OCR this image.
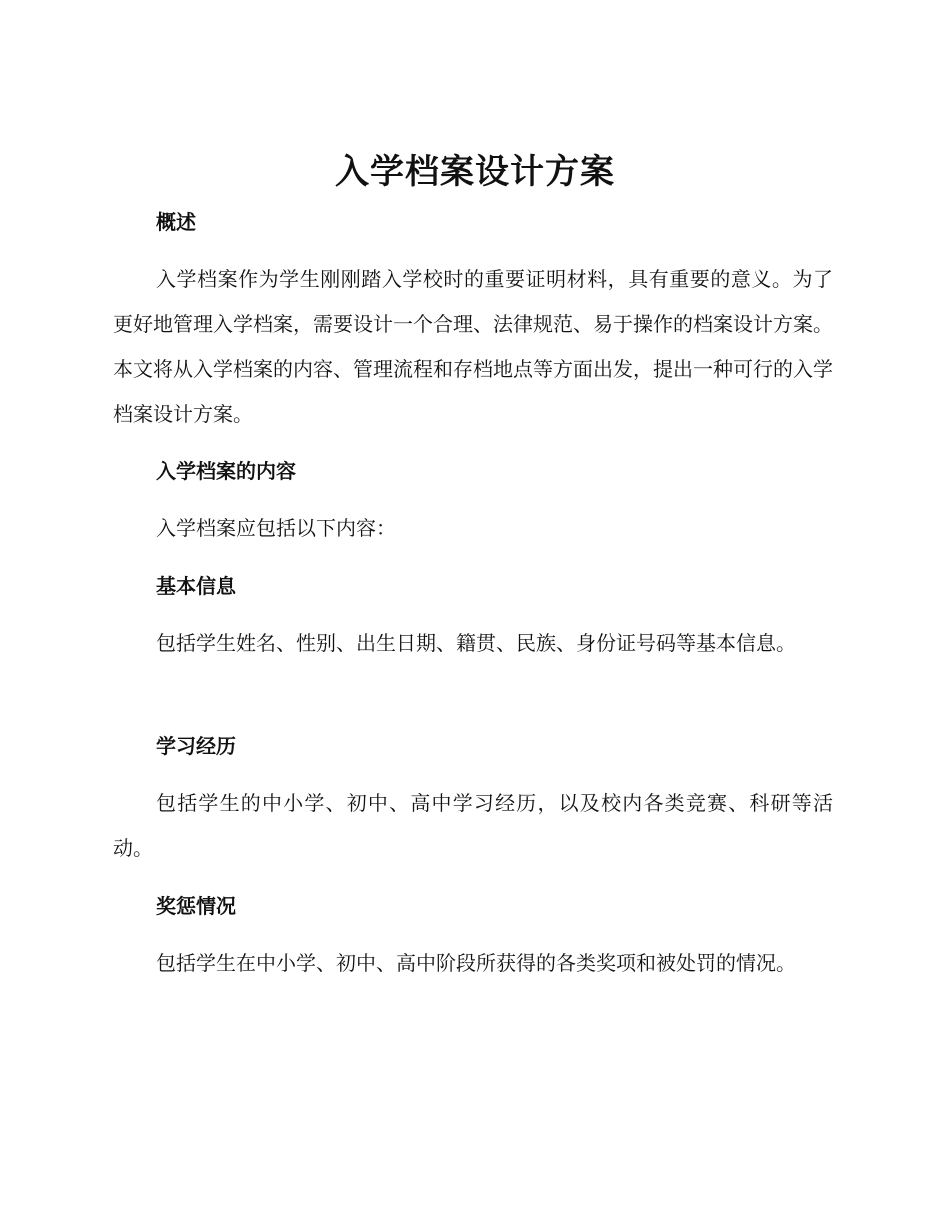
入学档案设计方案
概述
入学档案作为学生刚刚踏入学校时的重要证明材料，具有重要的意义。为了更好地管理入学档案，需要设计一个合理、法律规范、易于操作的档案设计方案。本文将从入学档案的内容、管理流程和存档地点等方面出发，提出一种可行的入学档案设计方案。
入学档案的内容
入学档案应包括以下内容：
基本信息
包括学生姓名、性别、出生日期、籍贯、民族、身份证号码等基本信息。
学习经历
包括学生的中小学、初中、高中学习经历，以及校内各类竞赛、科研等活动。
奖惩情况
包括学生在中小学、初中、高中阶段所获得的各类奖项和被处罚的情况。
